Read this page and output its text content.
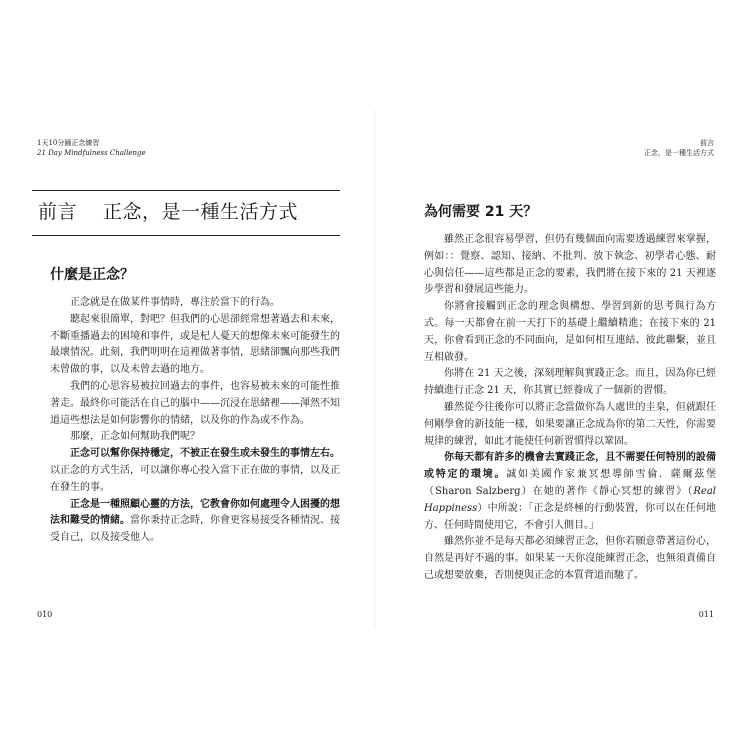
1天10分鐘正念練習
21 Day Mindfulness Challenge
前言　 正念，是一種生活方式
什麼是正念？

正念就是在做某件事情時，專注於當下的行為。

聽起來很簡單，對吧？但我們的心思卻經常想著過去和未來，不斷重播過去的困境和事件，或是杞人憂天的想像未來可能發生的最壞情況。此刻，我們明明在這裡做著事情，思緒卻飄向那些我們未曾做的事，以及未曾去過的地方。

我們的心思容易被拉回過去的事件，也容易被未來的可能性推著走。最終你可能活在自己的腦中——沉浸在思緒裡——渾然不知道這些想法是如何影響你的情緒，以及你的作為或不作為。

那麼，正念如何幫助我們呢？

正念可以幫你保持穩定，不被正在發生或未發生的事情左右。以正念的方式生活，可以讓你專心投入當下正在做的事情，以及正在發生的事。

正念是一種照顧心靈的方法，它教會你如何處理令人困擾的想法和難受的情緒。當你秉持正念時，你會更容易接受各種情況、接受自己，以及接受他人。

010
前言
正念，是一種生活方式
011
為何需要 21 天？

雖然正念很容易學習，但仍有幾個面向需要透過練習來掌握，例如：：覺察、認知、接納、不批判、放下執念、初學者心態、耐心與信任——這些都是正念的要素，我們將在接下來的 21 天裡逐步學習和發展這些能力。

你將會接觸到正念的理念與構想、學習到新的思考與行為方式。每一天都會在前一天打下的基礎上繼續精進；在接下來的 21 天，你會看到正念的不同面向，是如何相互連結、彼此聯繫，並且互相啟發。

你將在 21 天之後，深刻理解與實踐正念。而且，因為你已經持續進行正念 21 天，你其實已經養成了一個新的習慣。

雖然從今往後你可以將正念當做你為人處世的圭臬，但就跟任何剛學會的新技能一樣，如果要讓正念成為你的第二天性，你需要規律的練習，如此才能使任何新習慣得以鞏固。

你每天都有許多的機會去實踐正念，且不需要任何特別的設備或特定的環境。誠如美國作家兼冥想導師雪倫．薩爾茲堡（Sharon Salzberg）在她的著作《靜心冥想的練習》（Real Happiness）中所說：「正念是終極的行動裝置，你可以在任何地方、任何時間使用它，不會引人側目。」

雖然你並不是每天都必須練習正念，但你若願意帶著這份心，自然是再好不過的事。如果某一天你沒能練習正念，也無須責備自己或想要放棄，否則便與正念的本質背道而馳了。
